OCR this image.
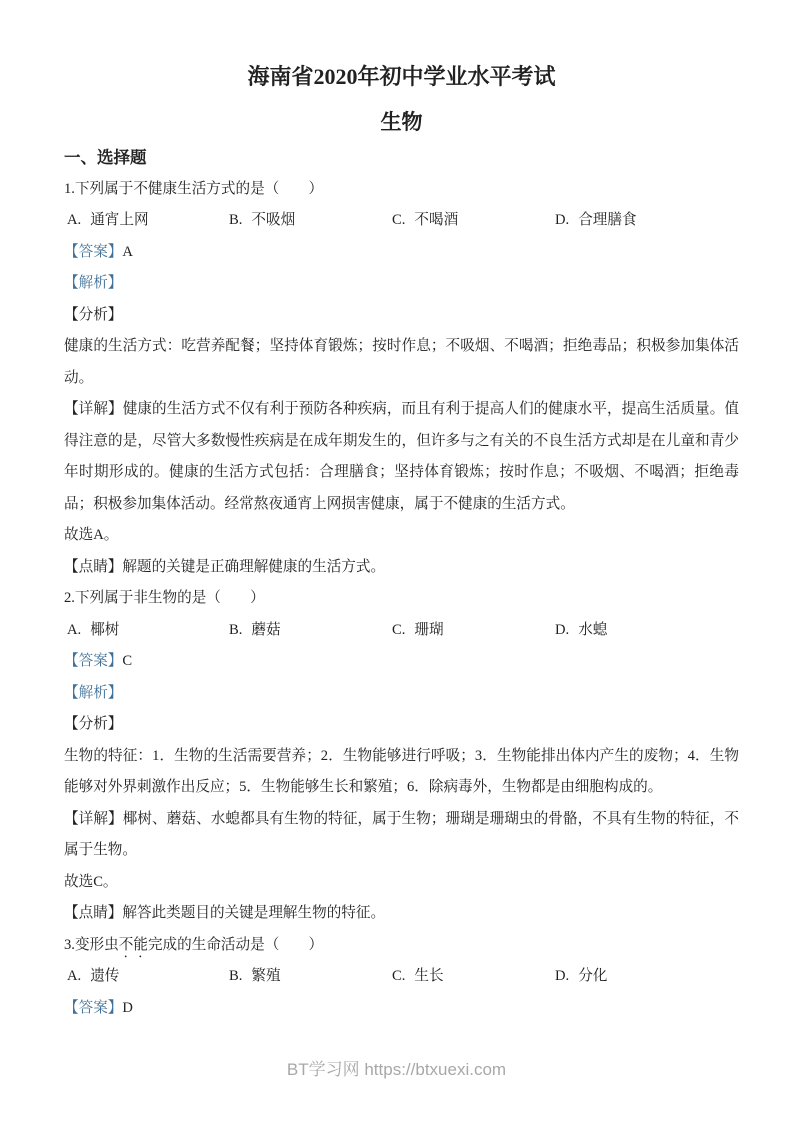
海南省2020年初中学业水平考试
生物
一、选择题

1.下列属于不健康生活方式的是（　　）

A. 通宵上网	B. 不吸烟	C. 不喝酒	D. 合理膳食

【答案】A

【解析】

【分析】

健康的生活方式：吃营养配餐；坚持体育锻炼；按时作息；不吸烟、不喝酒；拒绝毒品；积极参加集体活动。

【详解】健康的生活方式不仅有利于预防各种疾病，而且有利于提高人们的健康水平，提高生活质量。值得注意的是，尽管大多数慢性疾病是在成年期发生的，但许多与之有关的不良生活方式却是在儿童和青少年时期形成的。健康的生活方式包括：合理膳食；坚持体育锻炼；按时作息；不吸烟、不喝酒；拒绝毒品；积极参加集体活动。经常熬夜通宵上网损害健康，属于不健康的生活方式。

故选A。

【点睛】解题的关键是正确理解健康的生活方式。

2.下列属于非生物的是（　　）

A. 椰树	B. 蘑菇	C. 珊瑚	D. 水螅

【答案】C

【解析】

【分析】

生物的特征：1．生物的生活需要营养；2．生物能够进行呼吸；3．生物能排出体内产生的废物；4．生物能够对外界刺激作出反应；5．生物能够生长和繁殖；6．除病毒外，生物都是由细胞构成的。

【详解】椰树、蘑菇、水螅都具有生物的特征，属于生物；珊瑚是珊瑚虫的骨骼，不具有生物的特征，不属于生物。

故选C。

【点睛】解答此类题目的关键是理解生物的特征。

3.变形虫不能完成的生命活动是（　　）

A. 遗传	B. 繁殖	C. 生长	D. 分化

【答案】D

BT学习网 https://btxuexi.com
